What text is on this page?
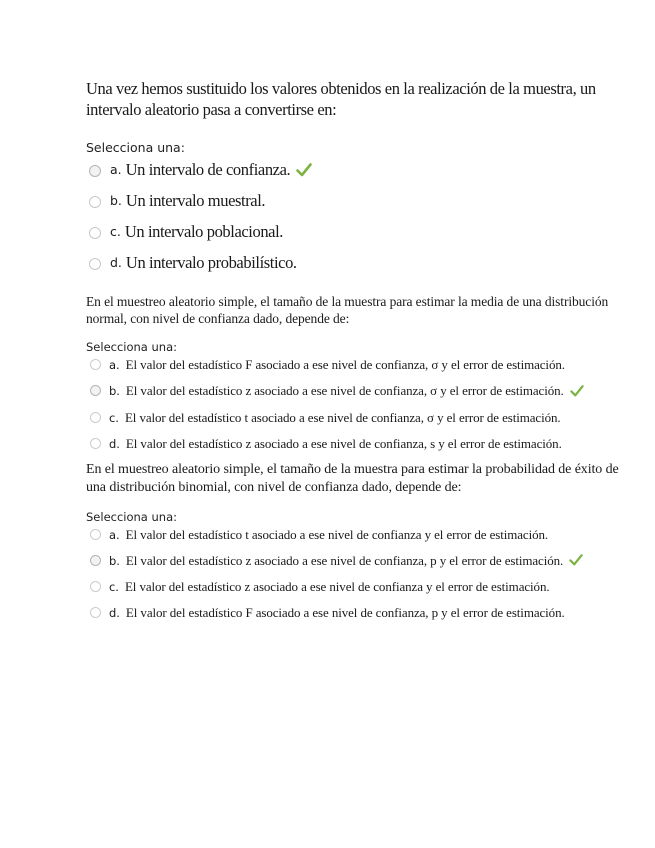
Una vez hemos sustituido los valores obtenidos en la realización de la muestra, un intervalo aleatorio pasa a convertirse en:

Selecciona una:
a. Un intervalo de confianza.
b. Un intervalo muestral.
c. Un intervalo poblacional.
d. Un intervalo probabilístico.

En el muestreo aleatorio simple, el tamaño de la muestra para estimar la media de una distribución normal, con nivel de confianza dado, depende de:

Selecciona una:
a. El valor del estadístico F asociado a ese nivel de confianza, σ y el error de estimación.
b. El valor del estadístico z asociado a ese nivel de confianza, σ y el error de estimación.
c. El valor del estadístico t asociado a ese nivel de confianza, σ y el error de estimación.
d. El valor del estadístico z asociado a ese nivel de confianza, s y el error de estimación.

En el muestreo aleatorio simple, el tamaño de la muestra para estimar la probabilidad de éxito de una distribución binomial, con nivel de confianza dado, depende de:

Selecciona una:
a. El valor del estadístico t asociado a ese nivel de confianza y el error de estimación.
b. El valor del estadístico z asociado a ese nivel de confianza, p y el error de estimación.
c. El valor del estadístico z asociado a ese nivel de confianza y el error de estimación.
d. El valor del estadístico F asociado a ese nivel de confianza, p y el error de estimación.
